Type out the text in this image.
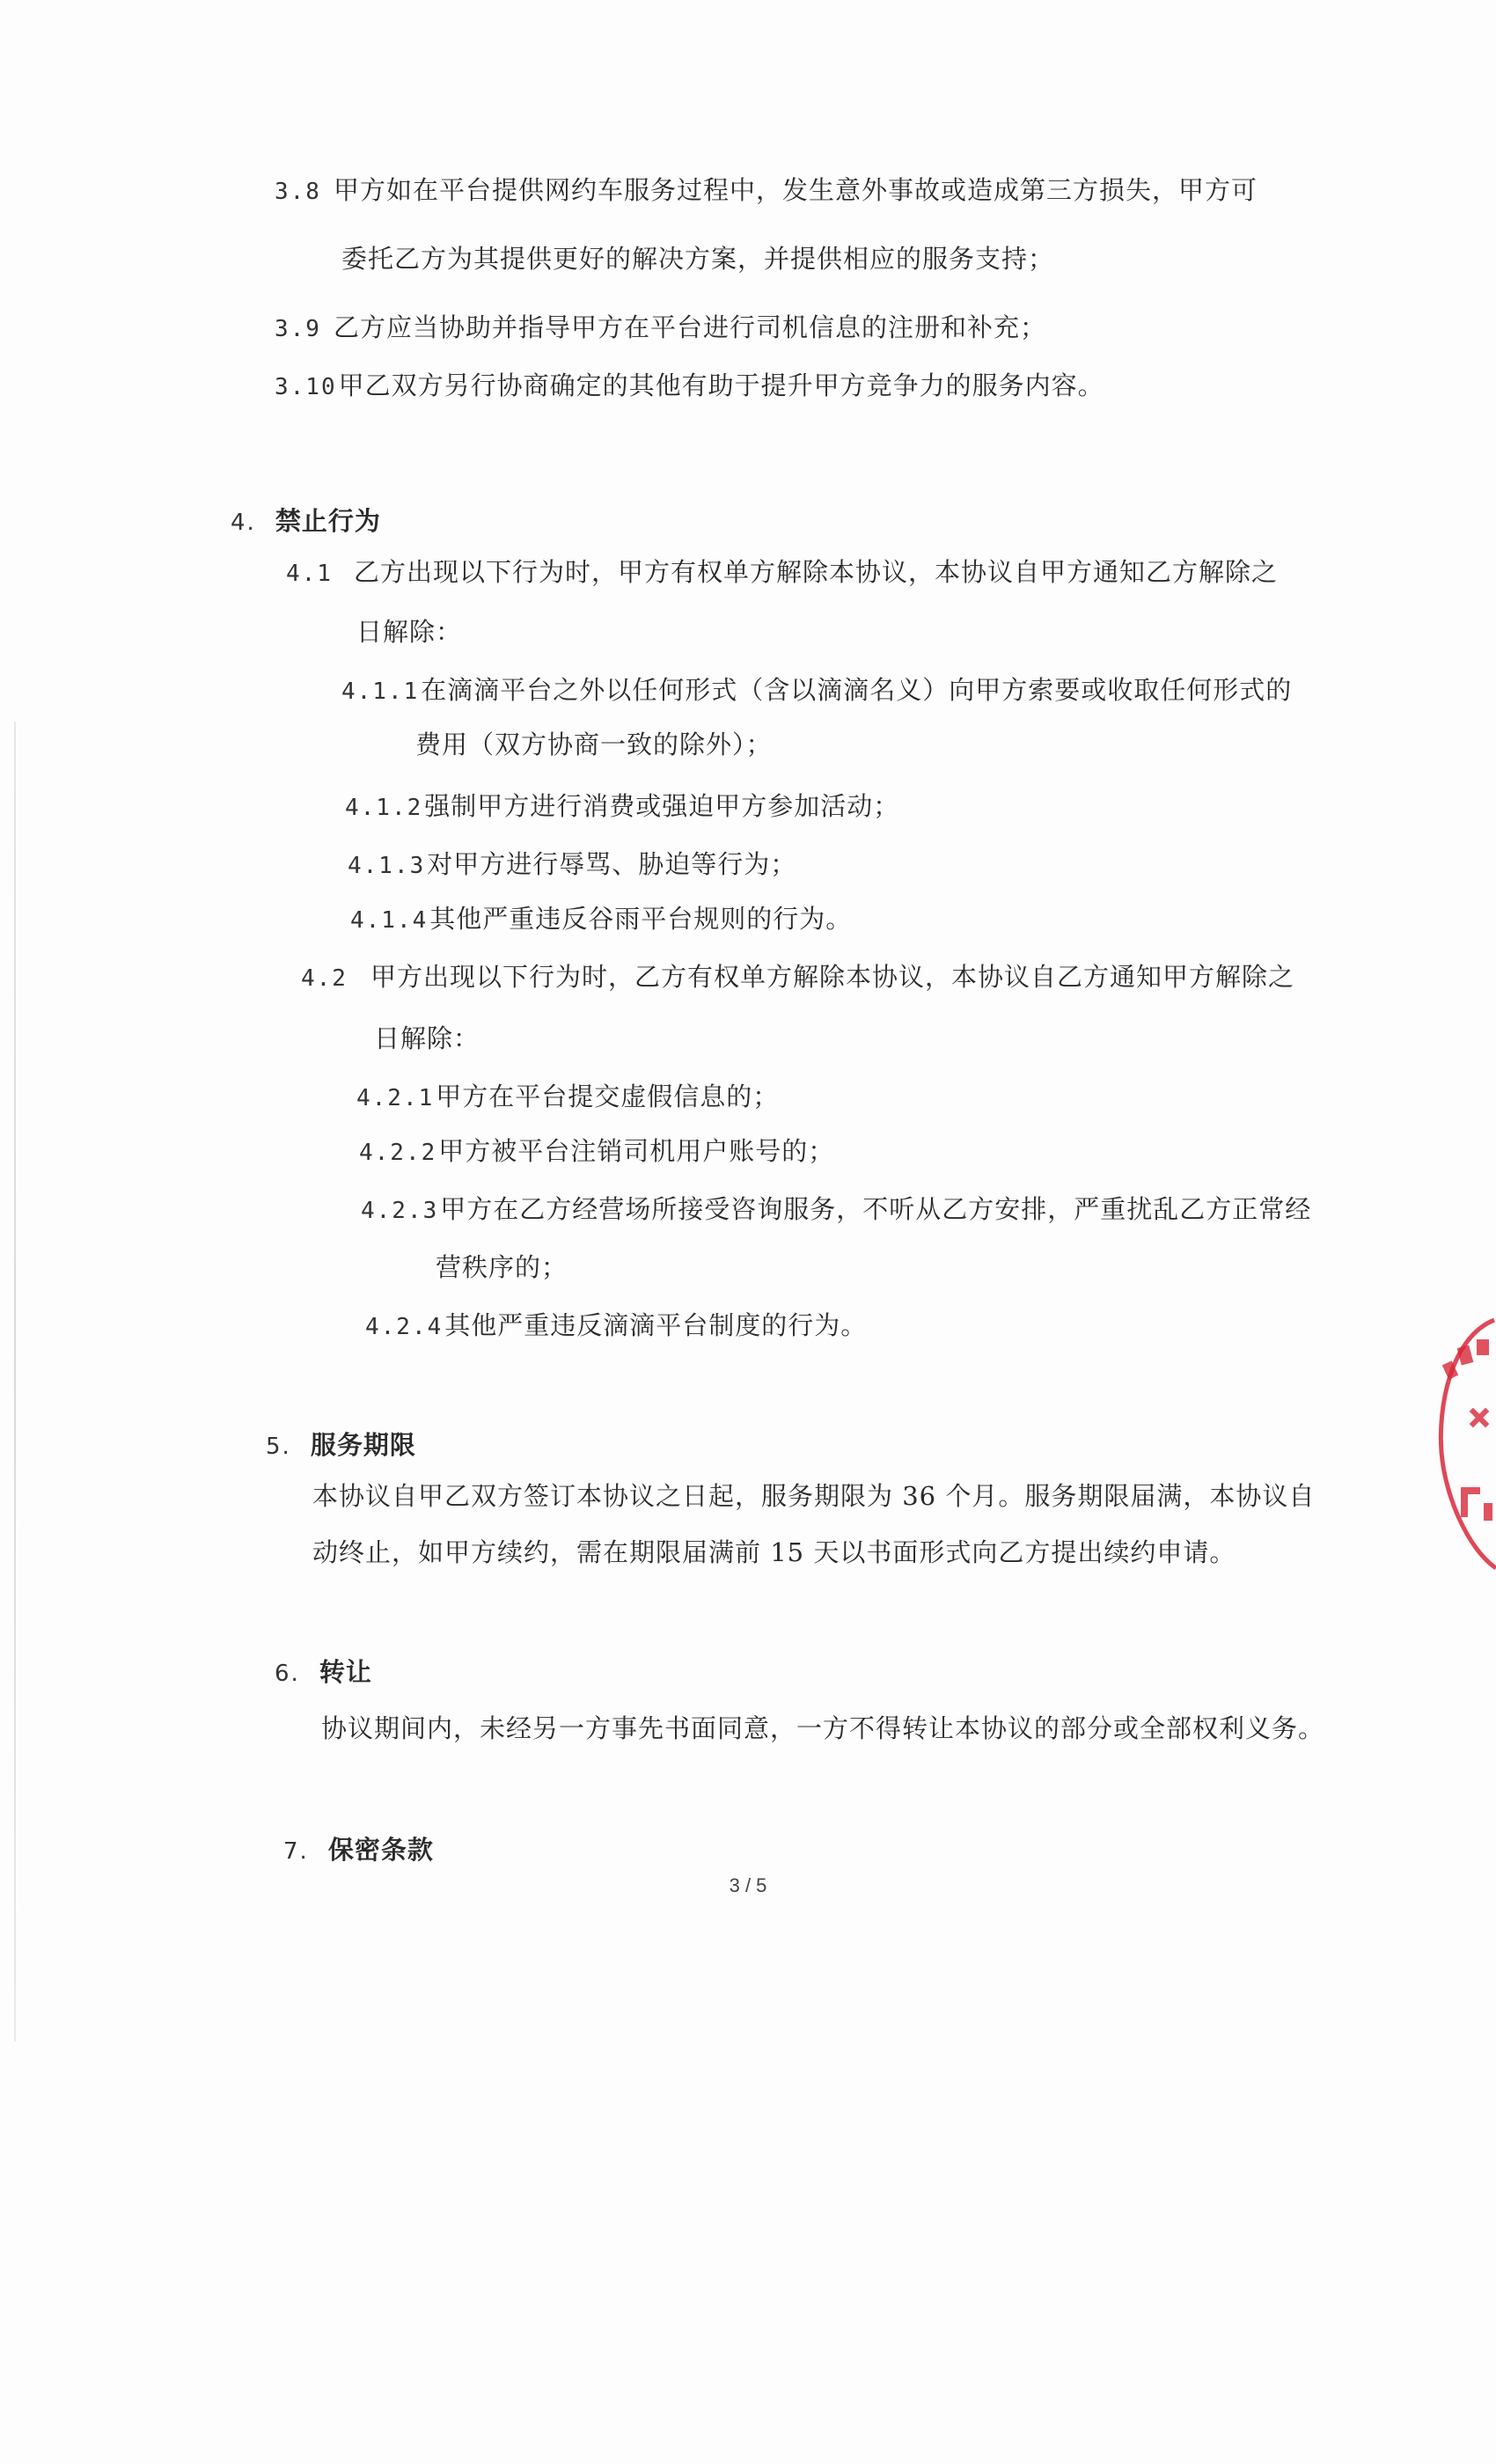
3.8 甲方如在平台提供网约车服务过程中，发生意外事故或造成第三方损失，甲方可
委托乙方为其提供更好的解决方案，并提供相应的服务支持；
3.9 乙方应当协助并指导甲方在平台进行司机信息的注册和补充；
3.10甲乙双方另行协商确定的其他有助于提升甲方竞争力的服务内容。
4. 禁止行为
4.1 乙方出现以下行为时，甲方有权单方解除本协议，本协议自甲方通知乙方解除之
日解除：
4.1.1在滴滴平台之外以任何形式（含以滴滴名义）向甲方索要或收取任何形式的
费用（双方协商一致的除外）；
4.1.2强制甲方进行消费或强迫甲方参加活动；
4.1.3对甲方进行辱骂、胁迫等行为；
4.1.4其他严重违反谷雨平台规则的行为。
4.2 甲方出现以下行为时，乙方有权单方解除本协议，本协议自乙方通知甲方解除之
日解除：
4.2.1甲方在平台提交虚假信息的；
4.2.2甲方被平台注销司机用户账号的；
4.2.3甲方在乙方经营场所接受咨询服务，不听从乙方安排，严重扰乱乙方正常经
营秩序的；
4.2.4其他严重违反滴滴平台制度的行为。
5. 服务期限
本协议自甲乙双方签订本协议之日起，服务期限为 36 个月。服务期限届满，本协议自
动终止，如甲方续约，需在期限届满前 15 天以书面形式向乙方提出续约申请。
6. 转让
协议期间内，未经另一方事先书面同意，一方不得转让本协议的部分或全部权利义务。
7. 保密条款
3 / 5
